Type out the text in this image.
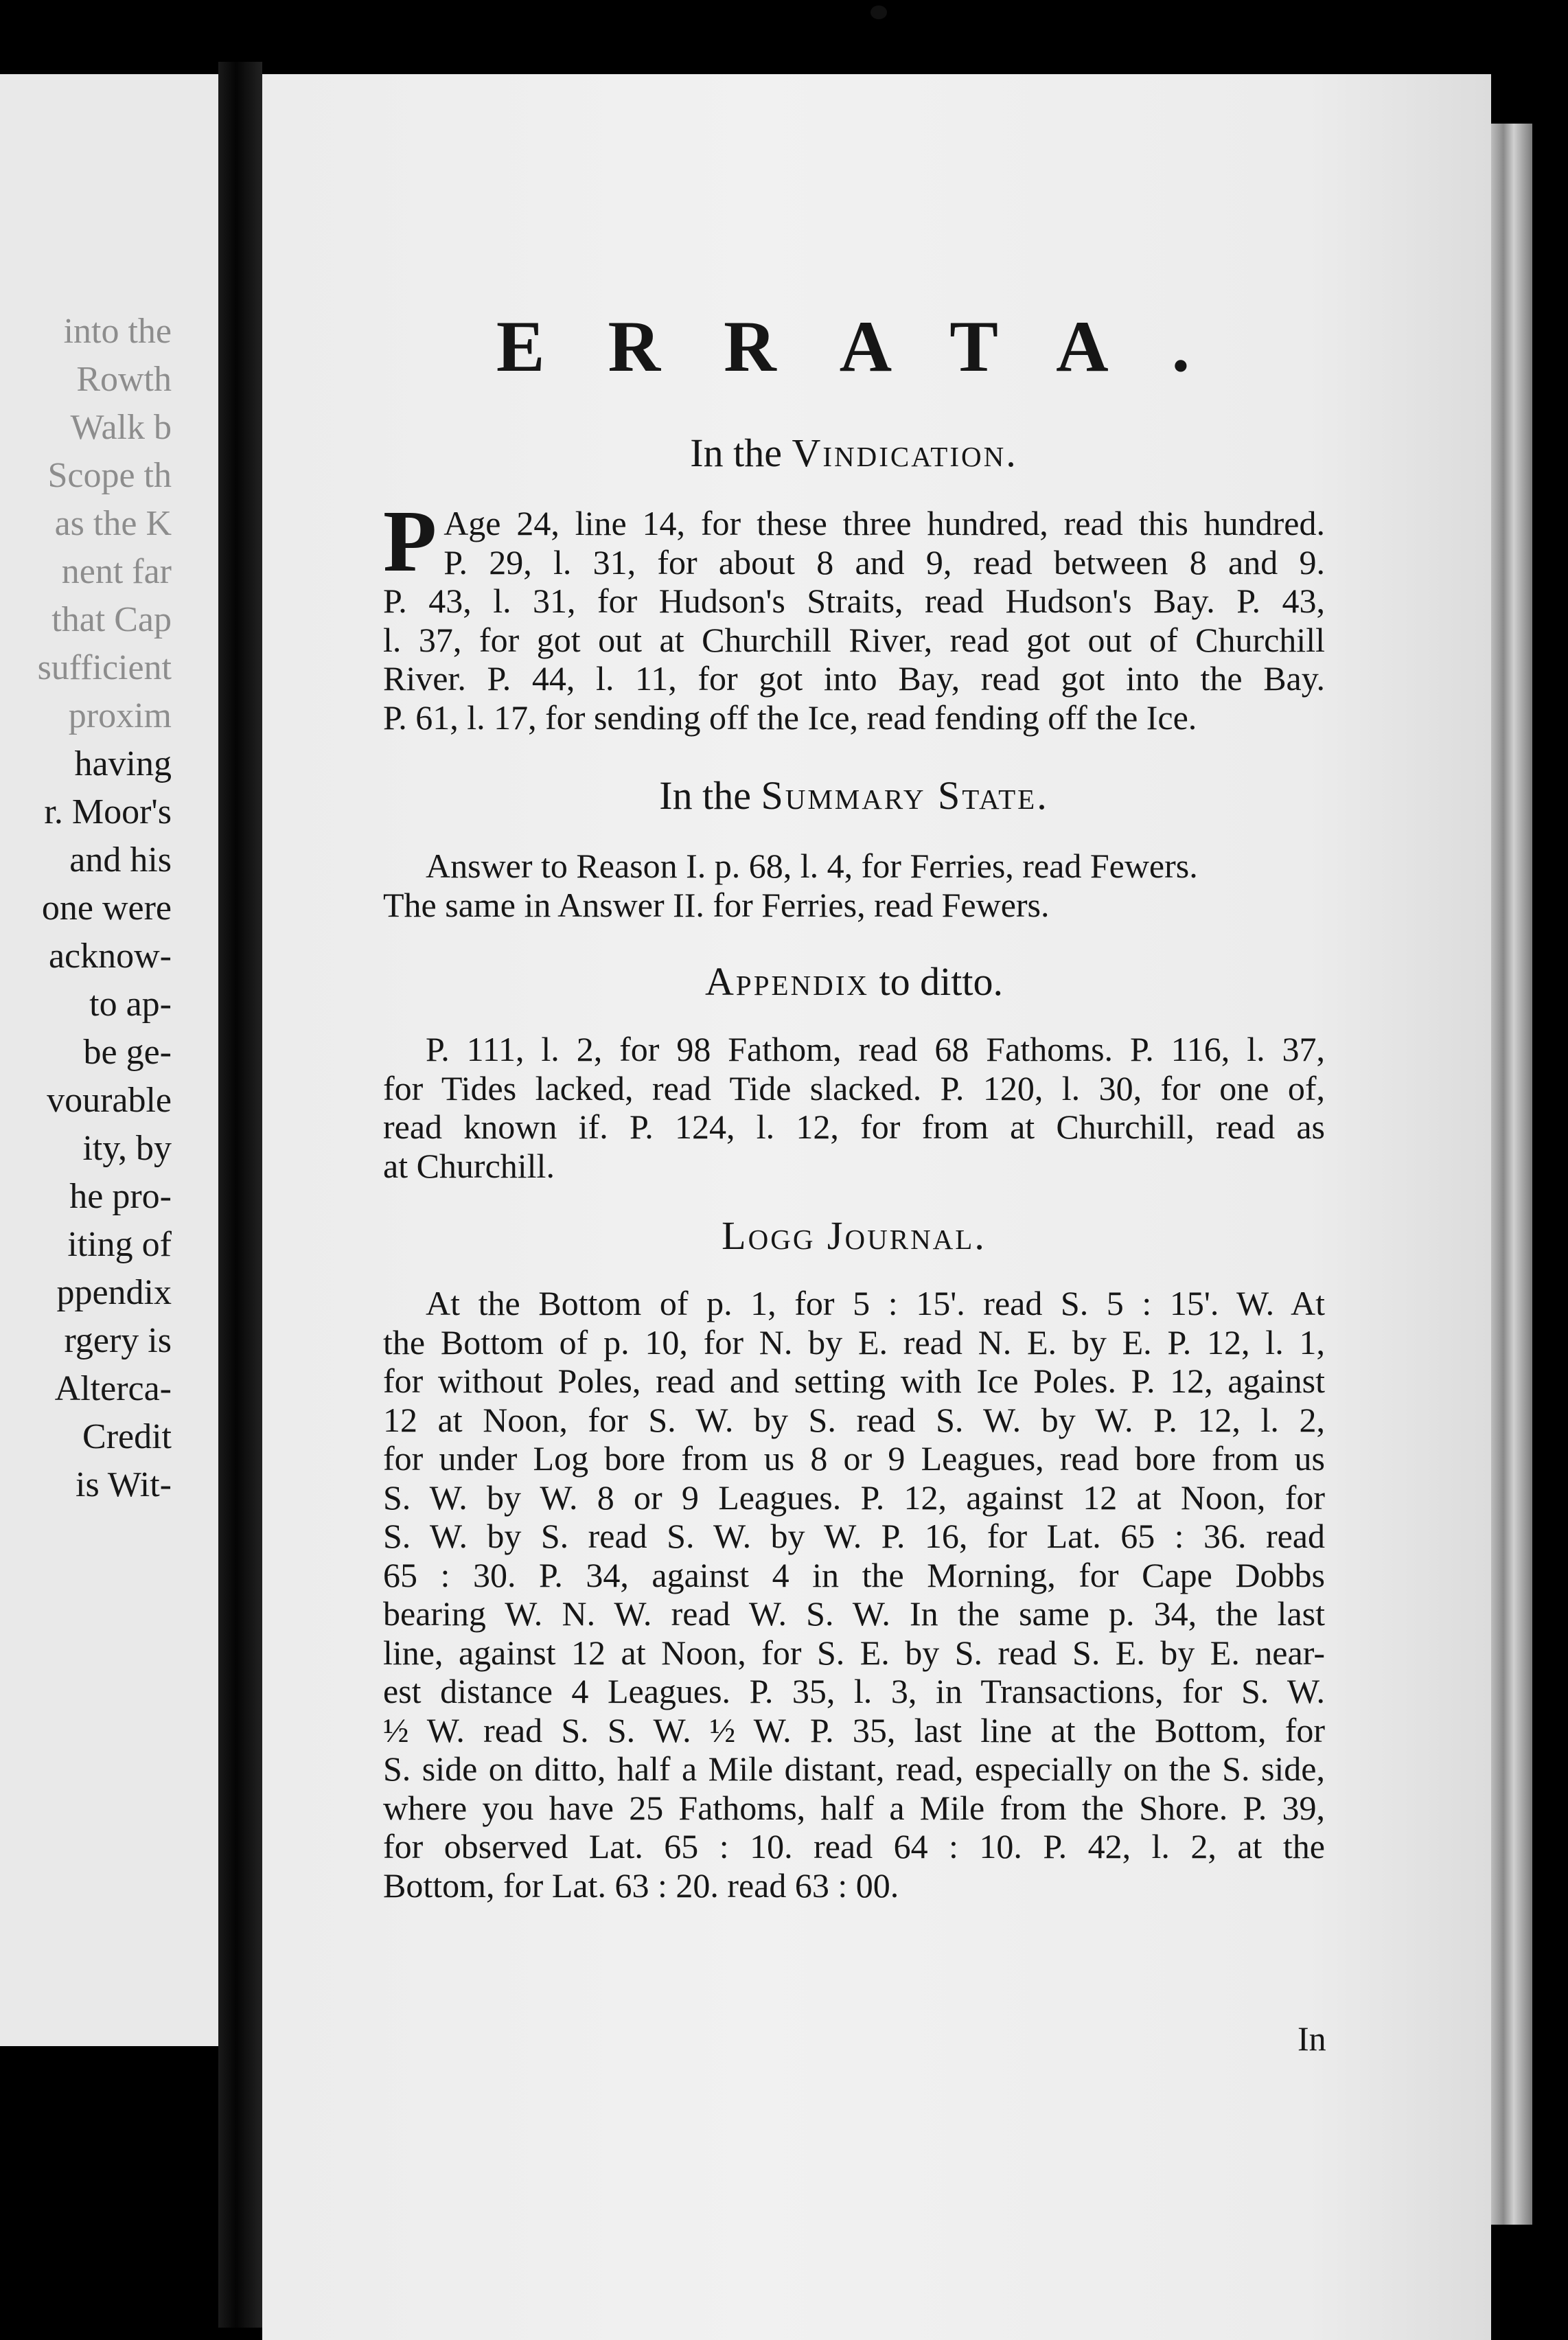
into the
Rowth
Walk b
Scope th
as the K
nent far
that Cap
sufficient
proxim
having
r. Moor's
and his
one were
acknow-
to ap-
be ge-
vourable
ity, by
he pro-
iting of
ppendix
rgery is
Alterca-
Credit
is Wit-
ERRATA.

In the Vindication.

P Age 24, line 14, for these three hundred, read this hundred.
P. 29, l. 31, for about 8 and 9, read between 8 and 9.
P. 43, l. 31, for Hudson's Straits, read Hudson's Bay. P. 43,
l. 37, for got out at Churchill River, read got out of Churchill
River. P. 44, l. 11, for got into Bay, read got into the Bay.
P. 61, l. 17, for sending off the Ice, read fending off the Ice.

In the Summary State.

Answer to Reason I. p. 68, l. 4, for Ferries, read Fewers.
The same in Answer II. for Ferries, read Fewers.

Appendix to ditto.

P. 111, l. 2, for 98 Fathom, read 68 Fathoms. P. 116, l. 37,
for Tides lacked, read Tide slacked. P. 120, l. 30, for one of,
read known if. P. 124, l. 12, for from at Churchill, read as
at Churchill.

Logg Journal.

At the Bottom of p. 1, for 5 : 15'. read S. 5 : 15'. W. At
the Bottom of p. 10, for N. by E. read N. E. by E. P. 12, l. 1,
for without Poles, read and setting with Ice Poles. P. 12, against
12 at Noon, for S. W. by S. read S. W. by W. P. 12, l. 2,
for under Log bore from us 8 or 9 Leagues, read bore from us
S. W. by W. 8 or 9 Leagues. P. 12, against 12 at Noon, for
S. W. by S. read S. W. by W. P. 16, for Lat. 65 : 36. read
65 : 30. P. 34, against 4 in the Morning, for Cape Dobbs
bearing W. N. W. read W. S. W. In the same p. 34, the last
line, against 12 at Noon, for S. E. by S. read S. E. by E. near-
est distance 4 Leagues. P. 35, l. 3, in Transactions, for S. W.
½ W. read S. S. W. ½ W. P. 35, last line at the Bottom, for
S. side on ditto, half a Mile distant, read, especially on the S. side,
where you have 25 Fathoms, half a Mile from the Shore. P. 39,
for observed Lat. 65 : 10. read 64 : 10. P. 42, l. 2, at the
Bottom, for Lat. 63 : 20. read 63 : 00.
In
